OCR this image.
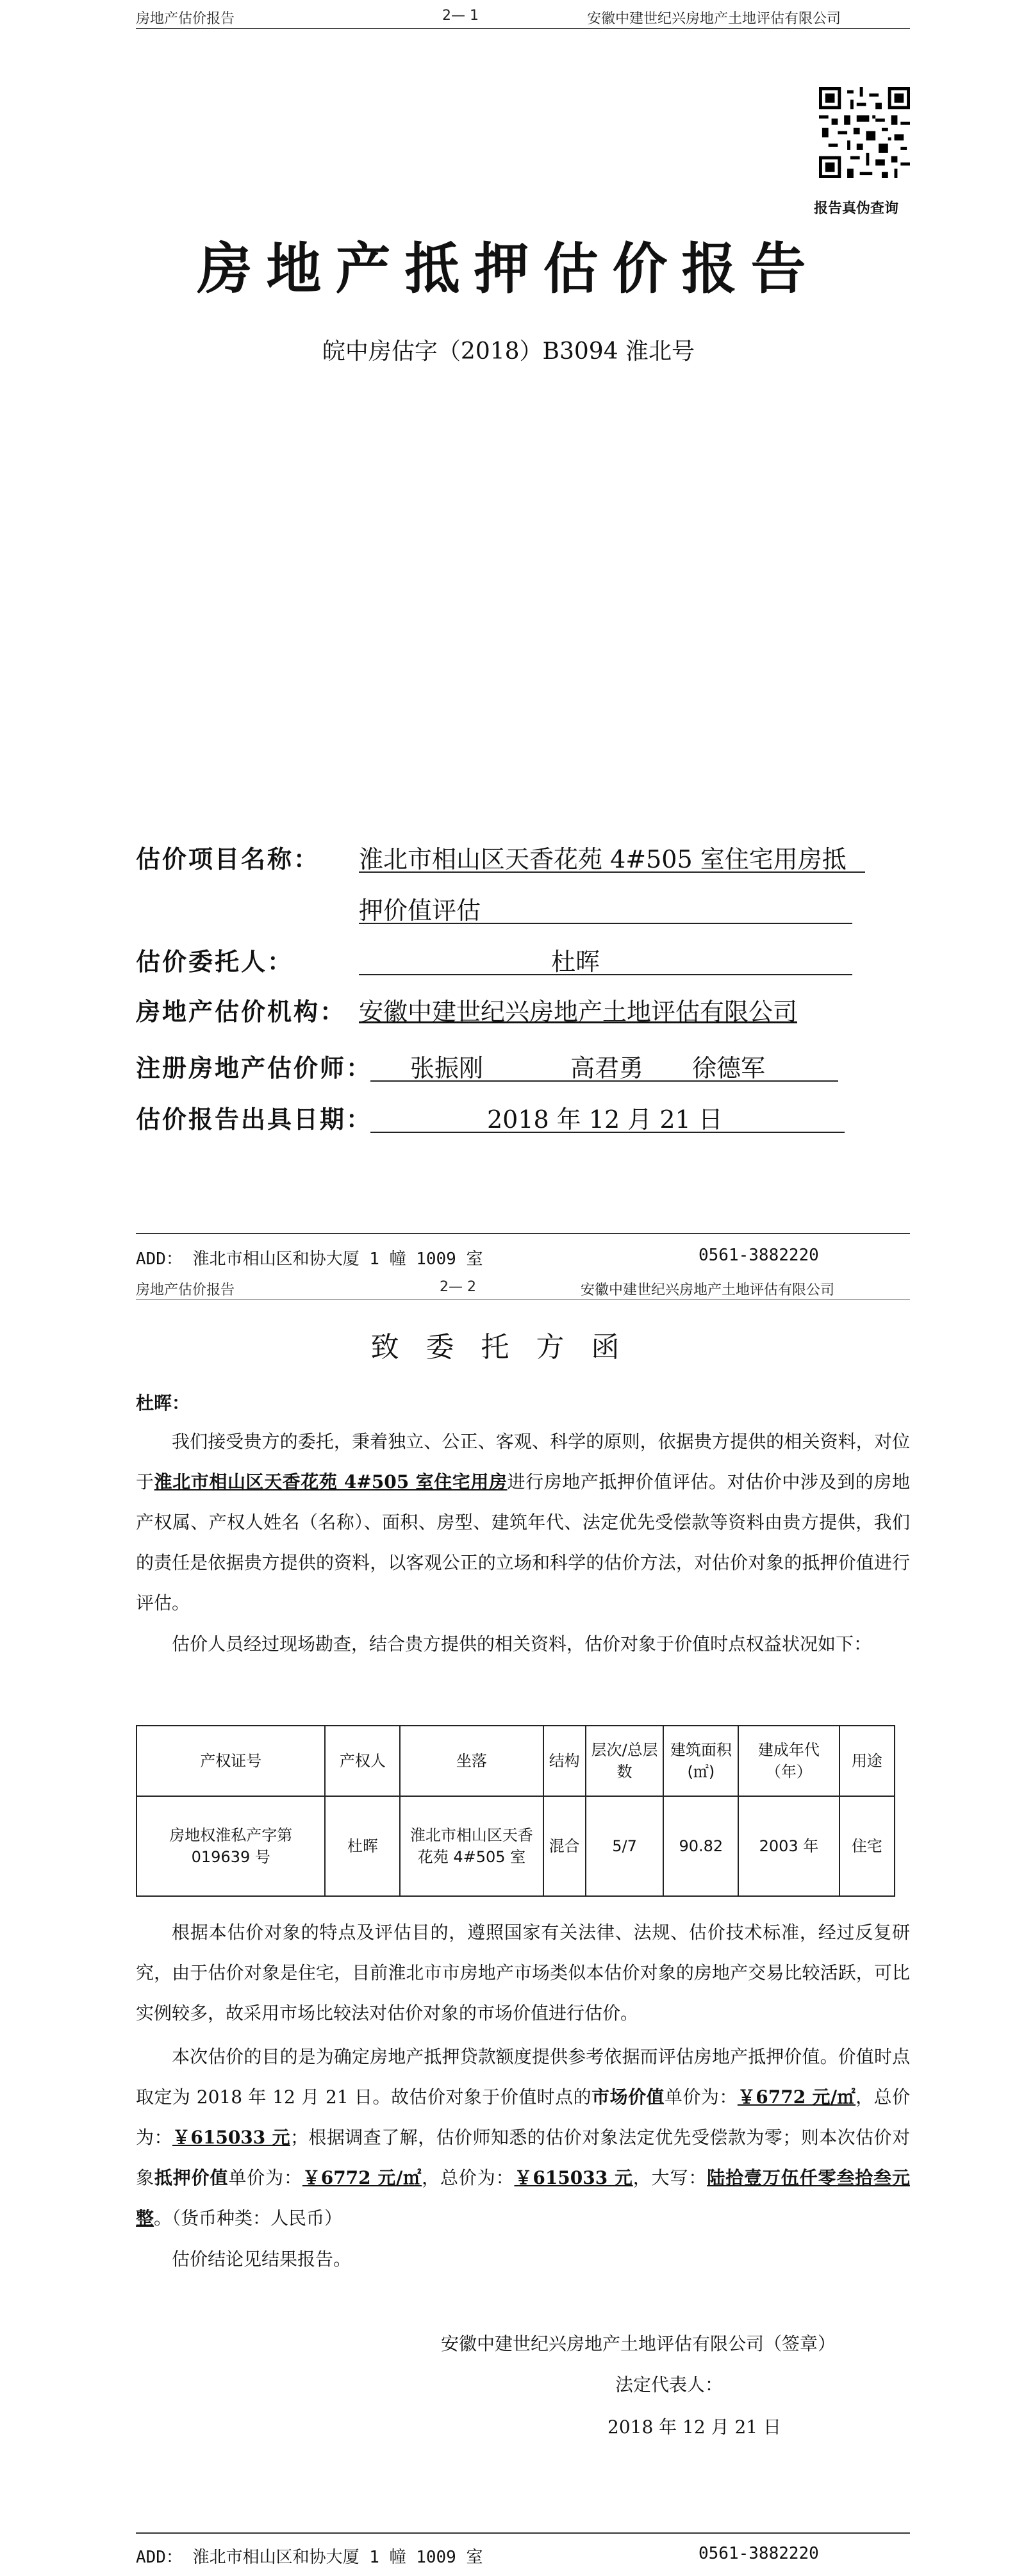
房地产估价报告	2— 1	安徽中建世纪兴房地产土地评估有限公司
报告真伪查询
房地产抵押估价报告
皖中房估字（2018）B3094 淮北号
估价项目名称： 淮北市相山区天香花苑 4#505 室住宅用房抵
押价值评估
估价委托人：	杜晖
房地产估价机构： 安徽中建世纪兴房地产土地评估有限公司
注册房地产估价师： 张振刚	高君勇 徐德军
估价报告出具日期：	2018 年 12 月 21 日
ADD： 淮北市相山区和协大厦 1 幢 1009 室	0561-3882220
房地产估价报告	2— 2	安徽中建世纪兴房地产土地评估有限公司
致委托方函
杜晖：
我们接受贵方的委托，秉着独立、公正、客观、科学的原则，依据贵方提供的相关资料，对位于淮北市相山区天香花苑 4#505 室住宅用房进行房地产抵押价值评估。对估价中涉及到的房地产权属、产权人姓名（名称）、面积、房型、建筑年代、法定优先受偿款等资料由贵方提供，我们的责任是依据贵方提供的资料，以客观公正的立场和科学的估价方法，对估价对象的抵押价值进行评估。
估价人员经过现场勘查，结合贵方提供的相关资料，估价对象于价值时点权益状况如下：
产权证号	产权人	坐落	结构	层次/总层数	建筑面积(㎡)	建成年代（年）	用途
房地权淮私产字第 019639 号	杜晖	淮北市相山区天香花苑 4#505 室	混合	5/7	90.82	2003 年	住宅
根据本估价对象的特点及评估目的，遵照国家有关法律、法规、估价技术标准，经过反复研究，由于估价对象是住宅，目前淮北市市房地产市场类似本估价对象的房地产交易比较活跃，可比实例较多，故采用市场比较法对估价对象的市场价值进行估价。
本次估价的目的是为确定房地产抵押贷款额度提供参考依据而评估房地产抵押价值。价值时点取定为 2018 年 12 月 21 日。故估价对象于价值时点的市场价值单价为：￥6772 元/㎡，总价为：￥615033 元；根据调查了解，估价师知悉的估价对象法定优先受偿款为零；则本次估价对象抵押价值单价为：￥6772 元/㎡，总价为：￥615033 元，大写：陆拾壹万伍仟零叁拾叁元整。（货币种类：人民币）
估价结论见结果报告。
安徽中建世纪兴房地产土地评估有限公司（签章）
法定代表人：
2018 年 12 月 21 日
ADD： 淮北市相山区和协大厦 1 幢 1009 室	0561-3882220
